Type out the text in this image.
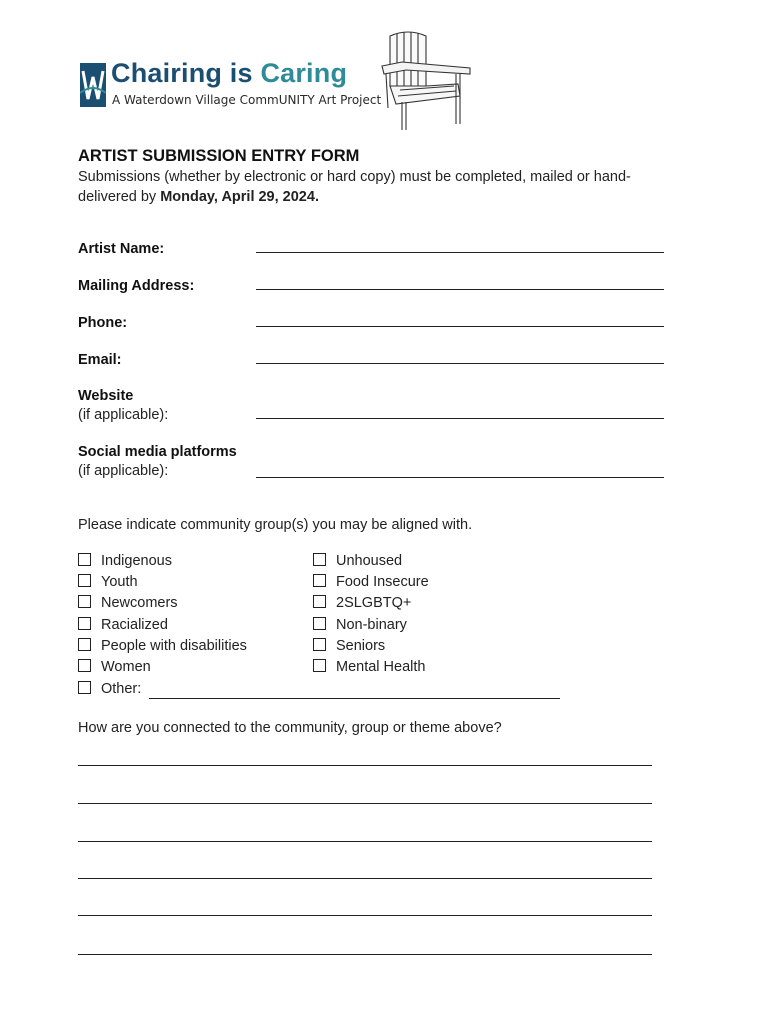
Chairing is Caring
A Waterdown Village CommUNITY Art Project
ARTIST SUBMISSION ENTRY FORM
Submissions (whether by electronic or hard copy) must be completed, mailed or hand-delivered by Monday, April 29, 2024.
Artist Name:
Mailing Address:
Phone:
Email:
Website
(if applicable):
Social media platforms
(if applicable):
Please indicate community group(s) you may be aligned with.
Indigenous
Youth
Newcomers
Racialized
People with disabilities
Women
Other:
Unhoused
Food Insecure
2SLGBTQ+
Non-binary
Seniors
Mental Health
How are you connected to the community, group or theme above?
